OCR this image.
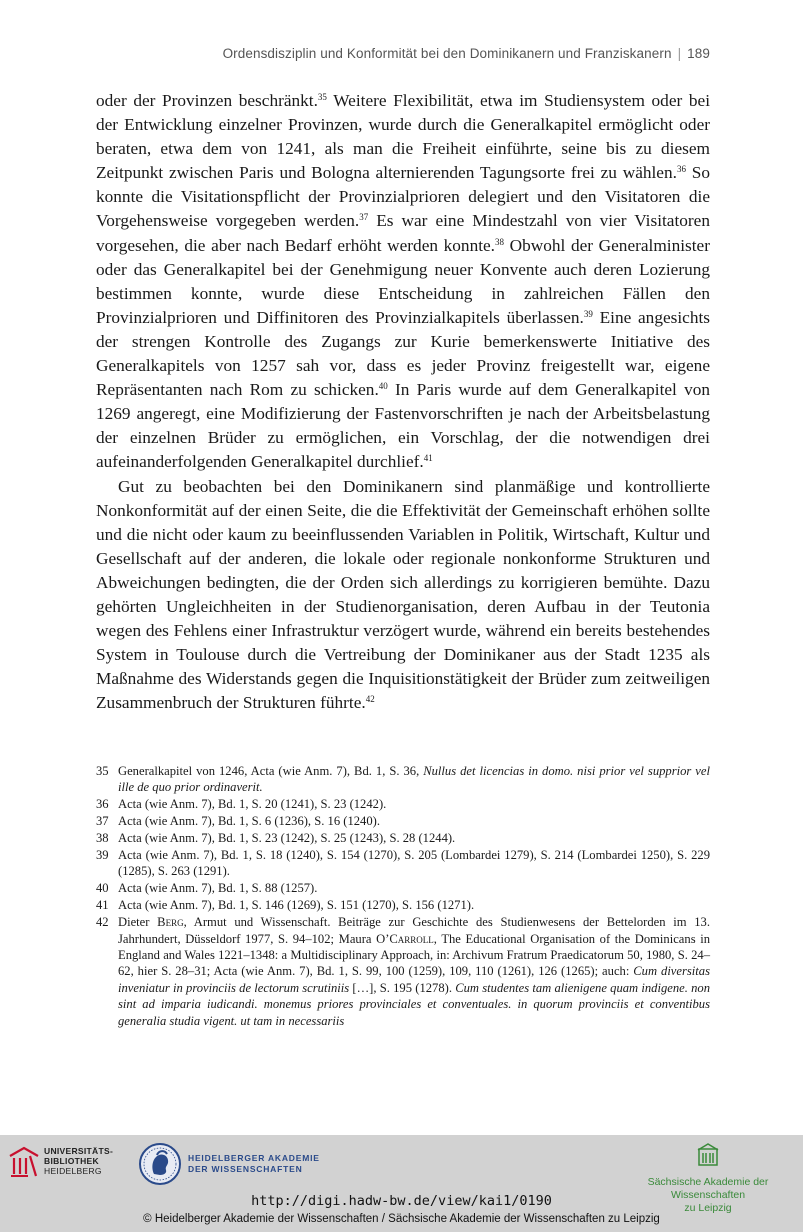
Ordensdisziplin und Konformität bei den Dominikanern und Franziskanern | 189

oder der Provinzen beschränkt.$^{35}$ Weitere Flexibilität, etwa im Studiensystem oder bei der Entwicklung einzelner Provinzen, wurde durch die Generalkapitel ermöglicht oder beraten, etwa dem von 1241, als man die Freiheit einführte, seine bis zu diesem Zeitpunkt zwischen Paris und Bologna alternierenden Tagungsorte frei zu wählen.$^{36}$ So konnte die Visitationspflicht der Provinzialprioren delegiert und den Visitatoren die Vorgehensweise vorgegeben werden.$^{37}$ Es war eine Mindestzahl von vier Visitatoren vorgesehen, die aber nach Bedarf erhöht werden konnte.$^{38}$ Obwohl der Generalminister oder das Generalkapitel bei der Genehmigung neuer Konvente auch deren Lozierung bestimmen konnte, wurde diese Entscheidung in zahlreichen Fällen den Provinzialprioren und Diffinitoren des Provinzialkapitels überlassen.$^{39}$ Eine angesichts der strengen Kontrolle des Zugangs zur Kurie bemerkenswerte Initiative des Generalkapitels von 1257 sah vor, dass es jeder Provinz freigestellt war, eigene Repräsentanten nach Rom zu schicken.$^{40}$ In Paris wurde auf dem Generalkapitel von 1269 angeregt, eine Modifizierung der Fastenvorschriften je nach der Arbeitsbelastung der einzelnen Brüder zu ermöglichen, ein Vorschlag, der die notwendigen drei aufeinanderfolgenden Generalkapitel durchlief.$^{41}$

Gut zu beobachten bei den Dominikanern sind planmäßige und kontrollierte Nonkonformität auf der einen Seite, die die Effektivität der Gemeinschaft erhöhen sollte und die nicht oder kaum zu beeinflussenden Variablen in Politik, Wirtschaft, Kultur und Gesellschaft auf der anderen, die lokale oder regionale nonkonforme Strukturen und Abweichungen bedingten, die der Orden sich allerdings zu korrigieren bemühte. Dazu gehörten Ungleichheiten in der Studienorganisation, deren Aufbau in der Teutonia wegen des Fehlens einer Infrastruktur verzögert wurde, während ein bereits bestehendes System in Toulouse durch die Vertreibung der Dominikaner aus der Stadt 1235 als Maßnahme des Widerstands gegen die Inquisitionstätigkeit der Brüder zum zeitweiligen Zusammenbruch der Strukturen führte.$^{42}$

35 Generalkapitel von 1246, Acta (wie Anm. 7), Bd. 1, S. 36, Nullus det licencias in domo. nisi prior vel supprior vel ille de quo prior ordinaverit.
36 Acta (wie Anm. 7), Bd. 1, S. 20 (1241), S. 23 (1242).
37 Acta (wie Anm. 7), Bd. 1, S. 6 (1236), S. 16 (1240).
38 Acta (wie Anm. 7), Bd. 1, S. 23 (1242), S. 25 (1243), S. 28 (1244).
39 Acta (wie Anm. 7), Bd. 1, S. 18 (1240), S. 154 (1270), S. 205 (Lombardei 1279), S. 214 (Lombardei 1250), S. 229 (1285), S. 263 (1291).
40 Acta (wie Anm. 7), Bd. 1, S. 88 (1257).
41 Acta (wie Anm. 7), Bd. 1, S. 146 (1269), S. 151 (1270), S. 156 (1271).
42 Dieter Berg, Armut und Wissenschaft. Beiträge zur Geschichte des Studienwesens der Bettelorden im 13. Jahrhundert, Düsseldorf 1977, S. 94–102; Maura O’Carroll, The Educational Organisation of the Dominicans in England and Wales 1221–1348: a Multidisciplinary Approach, in: Archivum Fratrum Praedicatorum 50, 1980, S. 24–62, hier S. 28–31; Acta (wie Anm. 7), Bd. 1, S. 99, 100 (1259), 109, 110 (1261), 126 (1265); auch: Cum diversitas inveniatur in provinciis de lectorum scrutiniis […], S. 195 (1278). Cum studentes tam alienigene quam indigene. non sint ad imparia iudicandi. monemus priores provinciales et conventuales. in quorum provinciis et conventibus generalia studia vigent. ut tam in necessariis
UNIVERSITÄTS-
BIBLIOTHEK
HEIDELBERG
HEIDELBERGER AKADEMIE
DER WISSENSCHAFTEN
Sächsische Akademie der Wissenschaften
zu Leipzig
http://digi.hadw-bw.de/view/kai1/0190
© Heidelberger Akademie der Wissenschaften / Sächsische Akademie der Wissenschaften zu Leipzig
